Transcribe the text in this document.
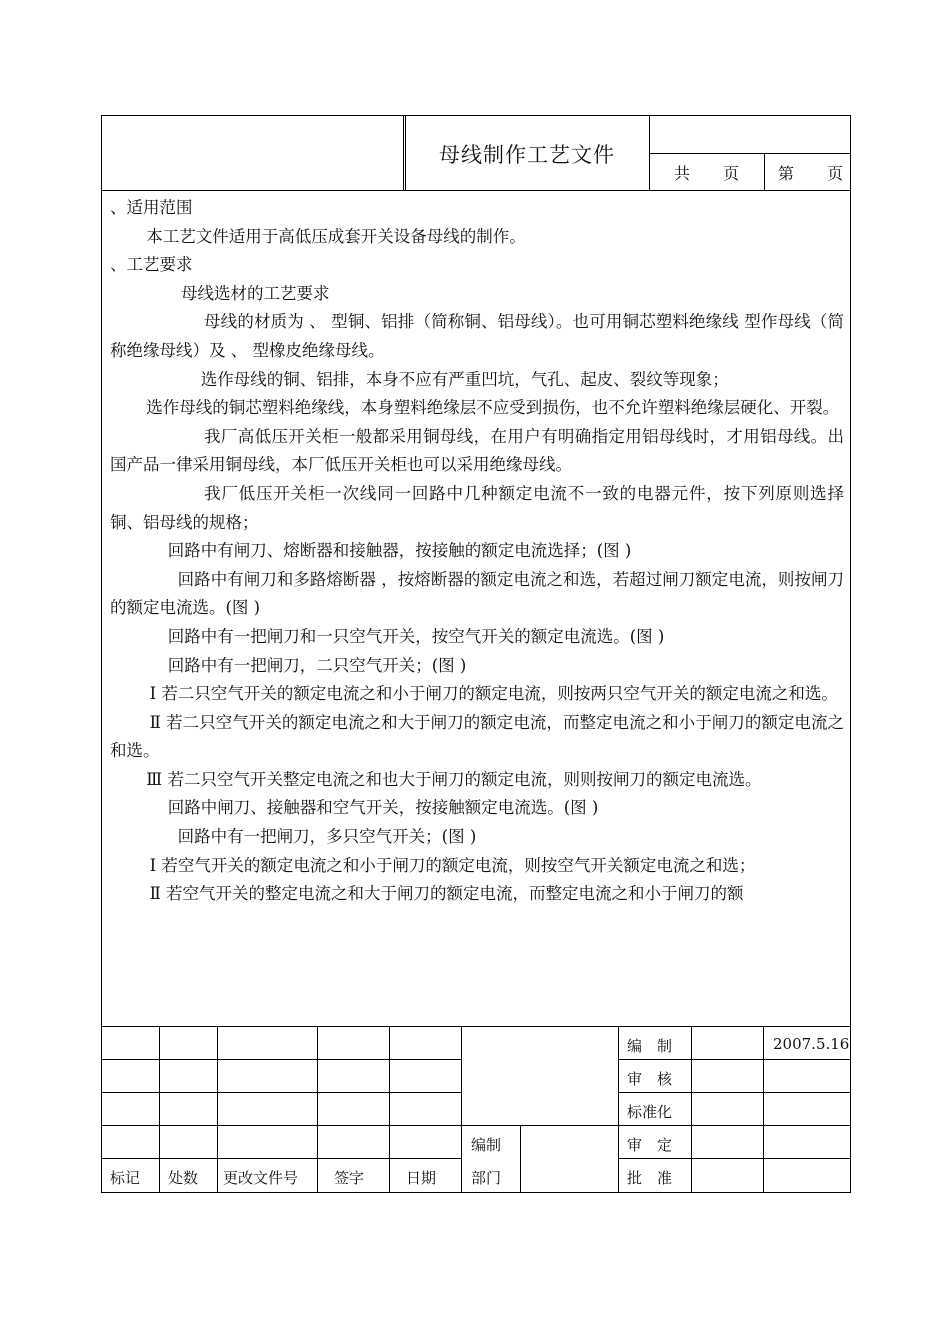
母线制作工艺文件
共 页 第 页

、适用范围

本工艺文件适用于高低压成套开关设备母线的制作。

、工艺要求

母线选材的工艺要求

母线的材质为 、 型铜、铝排（简称铜、铝母线）。也可用铜芯塑料绝缘线 型作母线（简称绝缘母线）及 、 型橡皮绝缘母线。

选作母线的铜、铝排，本身不应有严重凹坑，气孔、起皮、裂纹等现象；

选作母线的铜芯塑料绝缘线，本身塑料绝缘层不应受到损伤，也不允许塑料绝缘层硬化、开裂。

我厂高低压开关柜一般都采用铜母线，在用户有明确指定用铝母线时，才用铝母线。出国产品一律采用铜母线，本厂低压开关柜也可以采用绝缘母线。

我厂低压开关柜一次线同一回路中几种额定电流不一致的电器元件，按下列原则选择铜、铝母线的规格；

回路中有闸刀、熔断器和接触器，按接触的额定电流选择；(图 )

回路中有闸刀和多路熔断器 ，按熔断器的额定电流之和选，若超过闸刀额定电流，则按闸刀的额定电流选。(图 )

回路中有一把闸刀和一只空气开关，按空气开关的额定电流选。(图 )

回路中有一把闸刀，二只空气开关；(图 )

Ⅰ 若二只空气开关的额定电流之和小于闸刀的额定电流，则按两只空气开关的额定电流之和选。

Ⅱ 若二只空气开关的额定电流之和大于闸刀的额定电流，而整定电流之和小于闸刀的额定电流之和选。

Ⅲ 若二只空气开关整定电流之和也大于闸刀的额定电流，则则按闸刀的额定电流选。

回路中闸刀、接触器和空气开关，按接触额定电流选。(图 )

回路中有一把闸刀，多只空气开关；(图 )

Ⅰ 若空气开关的额定电流之和小于闸刀的额定电流，则按空气开关额定电流之和选；

Ⅱ 若空气开关的整定电流之和大于闸刀的额定电流，而整定电流之和小于闸刀的额

标记 处数 更改文件号 签字	日期
编制
部门
编　制
审　核
标准化
审　定
批　准
2007.5.16
